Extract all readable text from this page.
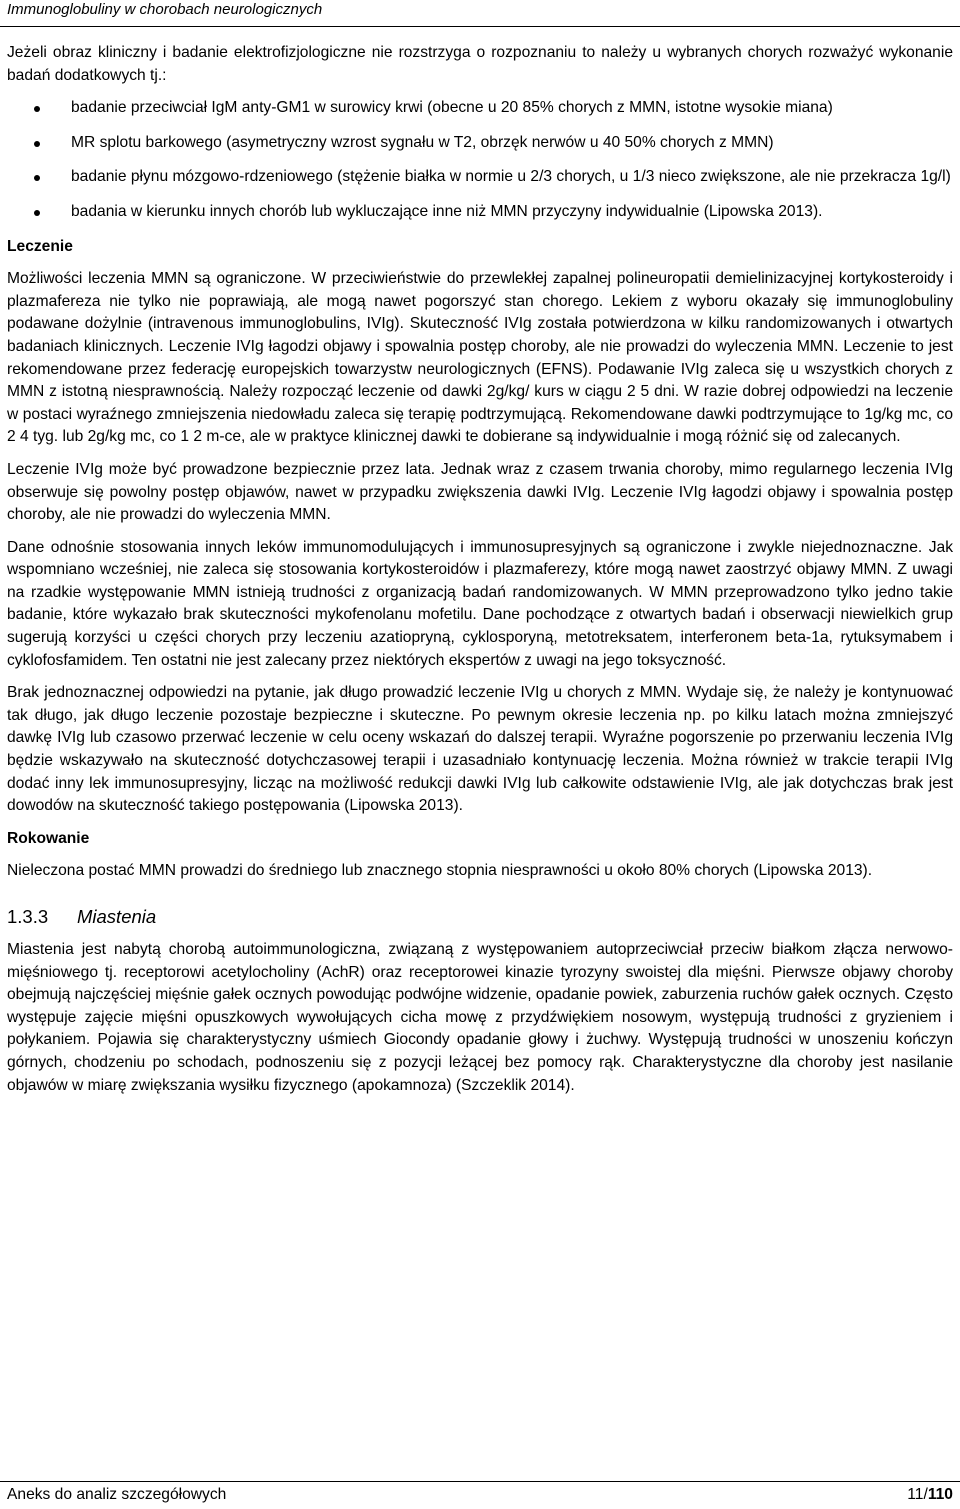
Immunoglobuliny w chorobach neurologicznych

Jeżeli obraz kliniczny i badanie elektrofizjologiczne nie rozstrzyga o rozpoznaniu to należy u wybranych chorych rozważyć wykonanie badań dodatkowych tj.:

badanie przeciwciał IgM anty-GM1 w surowicy krwi (obecne u 20 85% chorych z MMN, istotne wysokie miana)
MR splotu barkowego (asymetryczny wzrost sygnału w T2, obrzęk nerwów u 40 50% chorych z MMN)
badanie płynu mózgowo-rdzeniowego (stężenie białka w normie u 2/3 chorych, u 1/3 nieco zwiększone, ale nie przekracza 1g/l)
badania w kierunku innych chorób lub wykluczające inne niż MMN przyczyny indywidualnie (Lipowska 2013).
Leczenie

Możliwości leczenia MMN są ograniczone. W przeciwieństwie do przewlekłej zapalnej polineuropatii demielinizacyjnej kortykosteroidy i plazmafereza nie tylko nie poprawiają, ale mogą nawet pogorszyć stan chorego. Lekiem z wyboru okazały się immunoglobuliny podawane dożylnie (intravenous immunoglobulins, IVIg). Skuteczność IVIg została potwierdzona w kilku randomizowanych i otwartych badaniach klinicznych. Leczenie IVIg łagodzi objawy i spowalnia postęp choroby, ale nie prowadzi do wyleczenia MMN. Leczenie to jest rekomendowane przez federację europejskich towarzystw neurologicznych (EFNS). Podawanie IVIg zaleca się u wszystkich chorych z MMN z istotną niesprawnością. Należy rozpocząć leczenie od dawki 2g/kg/ kurs w ciągu 2 5 dni. W razie dobrej odpowiedzi na leczenie w postaci wyraźnego zmniejszenia niedowładu zaleca się terapię podtrzymującą. Rekomendowane dawki podtrzymujące to 1g/kg mc, co 2 4 tyg. lub 2g/kg mc, co 1 2 m-ce, ale w praktyce klinicznej dawki te dobierane są indywidualnie i mogą różnić się od zalecanych.

Leczenie IVIg może być prowadzone bezpiecznie przez lata. Jednak wraz z czasem trwania choroby, mimo regularnego leczenia IVIg obserwuje się powolny postęp objawów, nawet w przypadku zwiększenia dawki IVIg. Leczenie IVIg łagodzi objawy i spowalnia postęp choroby, ale nie prowadzi do wyleczenia MMN.

Dane odnośnie stosowania innych leków immunomodulujących i immunosupresyjnych są ograniczone i zwykle niejednoznaczne. Jak wspomniano wcześniej, nie zaleca się stosowania kortykosteroidów i plazmaferezy, które mogą nawet zaostrzyć objawy MMN. Z uwagi na rzadkie występowanie MMN istnieją trudności z organizacją badań randomizowanych. W MMN przeprowadzono tylko jedno takie badanie, które wykazało brak skuteczności mykofenolanu mofetilu. Dane pochodzące z otwartych badań i obserwacji niewielkich grup sugerują korzyści u części chorych przy leczeniu azatiopryną, cyklosporyną, metotreksatem, interferonem beta-1a, rytuksymabem i cyklofosfamidem. Ten ostatni nie jest zalecany przez niektórych ekspertów z uwagi na jego toksyczność.

Brak jednoznacznej odpowiedzi na pytanie, jak długo prowadzić leczenie IVIg u chorych z MMN. Wydaje się, że należy je kontynuować tak długo, jak długo leczenie pozostaje bezpieczne i skuteczne. Po pewnym okresie leczenia np. po kilku latach można zmniejszyć dawkę IVIg lub czasowo przerwać leczenie w celu oceny wskazań do dalszej terapii. Wyraźne pogorszenie po przerwaniu leczenia IVIg będzie wskazywało na skuteczność dotychczasowej terapii i uzasadniało kontynuację leczenia. Można również w trakcie terapii IVIg dodać inny lek immunosupresyjny, licząc na możliwość redukcji dawki IVIg lub całkowite odstawienie IVIg, ale jak dotychczas brak jest dowodów na skuteczność takiego postępowania (Lipowska 2013).

Rokowanie

Nieleczona postać MMN prowadzi do średniego lub znacznego stopnia niesprawności u około 80% chorych (Lipowska 2013).

1.3.3 Miastenia

Miastenia jest nabytą chorobą autoimmunologiczna, związaną z występowaniem autoprzeciwciał przeciw białkom złącza nerwowo-mięśniowego tj. receptorowi acetylocholiny (AchR) oraz receptorowei kinazie tyrozyny swoistej dla mięśni. Pierwsze objawy choroby obejmują najczęściej mięśnie gałek ocznych powodując podwójne widzenie, opadanie powiek, zaburzenia ruchów gałek ocznych. Często występuje zajęcie mięśni opuszkowych wywołujących cicha mowę z przydźwiękiem nosowym, występują trudności z gryzieniem i połykaniem. Pojawia się charakterystyczny uśmiech Giocondy opadanie głowy i żuchwy. Występują trudności w unoszeniu kończyn górnych, chodzeniu po schodach, podnoszeniu się z pozycji leżącej bez pomocy rąk. Charakterystyczne dla choroby jest nasilanie objawów w miarę zwiększania wysiłku fizycznego (apokamnoza) (Szczeklik 2014).

Aneks do analiz szczegółowych	11/110
